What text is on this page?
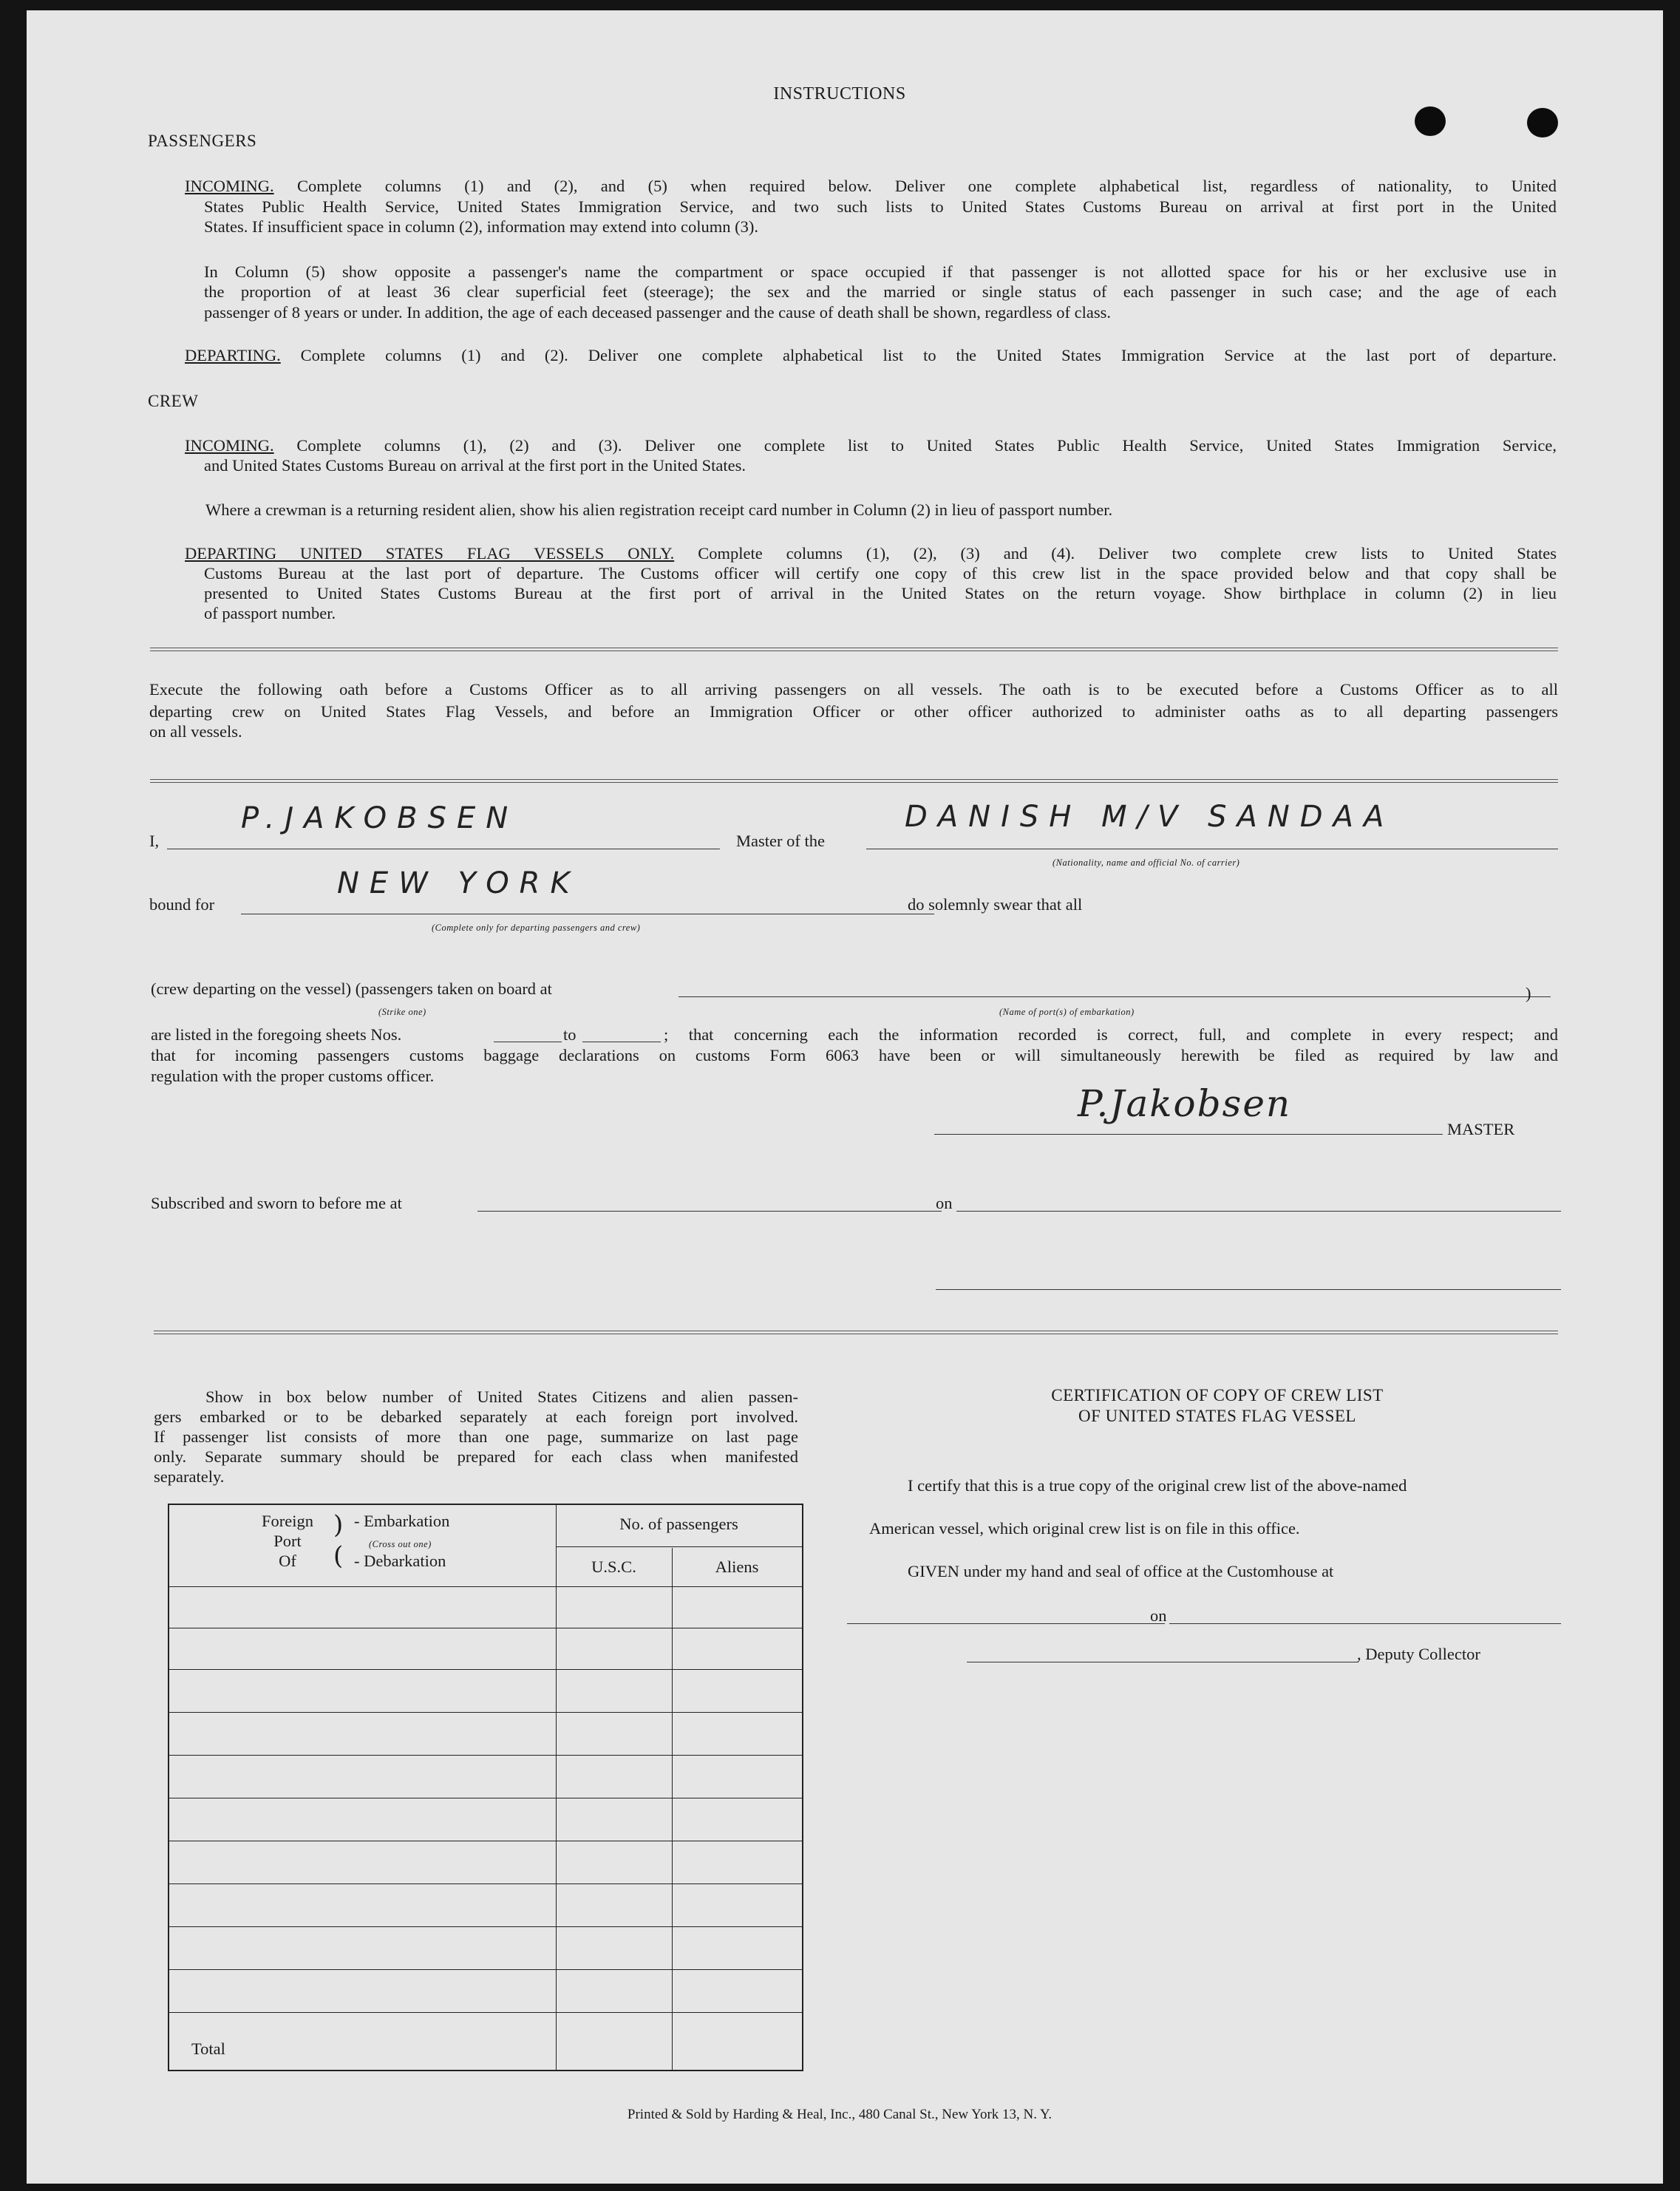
INSTRUCTIONS
PASSENGERS
INCOMING. Complete columns (1) and (2), and (5) when required below. Deliver one complete alphabetical list, regardless of nationality, to United
States Public Health Service, United States Immigration Service, and two such lists to United States Customs Bureau on arrival at first port in the United
States. If insufficient space in column (2), information may extend into column (3).
In Column (5) show opposite a passenger's name the compartment or space occupied if that passenger is not allotted space for his or her exclusive use in
the proportion of at least 36 clear superficial feet (steerage); the sex and the married or single status of each passenger in such case; and the age of each
passenger of 8 years or under. In addition, the age of each deceased passenger and the cause of death shall be shown, regardless of class.
DEPARTING. Complete columns (1) and (2). Deliver one complete alphabetical list to the United States Immigration Service at the last port of departure.
CREW
INCOMING. Complete columns (1), (2) and (3). Deliver one complete list to United States Public Health Service, United States Immigration Service,
and United States Customs Bureau on arrival at the first port in the United States.
Where a crewman is a returning resident alien, show his alien registration receipt card number in Column (2) in lieu of passport number.
DEPARTING UNITED STATES FLAG VESSELS ONLY. Complete columns (1), (2), (3) and (4). Deliver two complete crew lists to United States
Customs Bureau at the last port of departure. The Customs officer will certify one copy of this crew list in the space provided below and that copy shall be
presented to United States Customs Bureau at the first port of arrival in the United States on the return voyage. Show birthplace in column (2) in lieu
of passport number.
Execute the following oath before a Customs Officer as to all arriving passengers on all vessels. The oath is to be executed before a Customs Officer as to all
departing crew on United States Flag Vessels, and before an Immigration Officer or other officer authorized to administer oaths as to all departing passengers
on all vessels.
I,
P.JAKOBSEN
Master of the
DANISH M/V SANDAA
(Nationality, name and official No. of carrier)
bound for
NEW YORK
(Complete only for departing passengers and crew)
do solemnly swear that all
(crew departing on the vessel) (passengers taken on board at	)
(Strike one)	(Name of port(s) of embarkation)
are listed in the foregoing sheets Nos.	to	; that concerning each the information recorded is correct, full, and complete in every respect; and
that for incoming passengers customs baggage declarations on customs Form 6063 have been or will simultaneously herewith be filed as required by law and
regulation with the proper customs officer.
P.Jakobsen
MASTER
Subscribed and sworn to before me at	on
Show in box below number of United States Citizens and alien passen-
gers embarked or to be debarked separately at each foreign port involved.
If passenger list consists of more than one page, summarize on last page
only. Separate summary should be prepared for each class when manifested
separately.
Foreign
Port
Of
)
(
- Embarkation
(Cross out one)
- Debarkation
No. of passengers
U.S.C.	Aliens
Total
CERTIFICATION OF COPY OF CREW LIST
OF UNITED STATES FLAG VESSEL
I certify that this is a true copy of the original crew list of the above-named
American vessel, which original crew list is on file in this office.
GIVEN under my hand and seal of office at the Customhouse at
on
, Deputy Collector
Printed & Sold by Harding & Heal, Inc., 480 Canal St., New York 13, N. Y.
